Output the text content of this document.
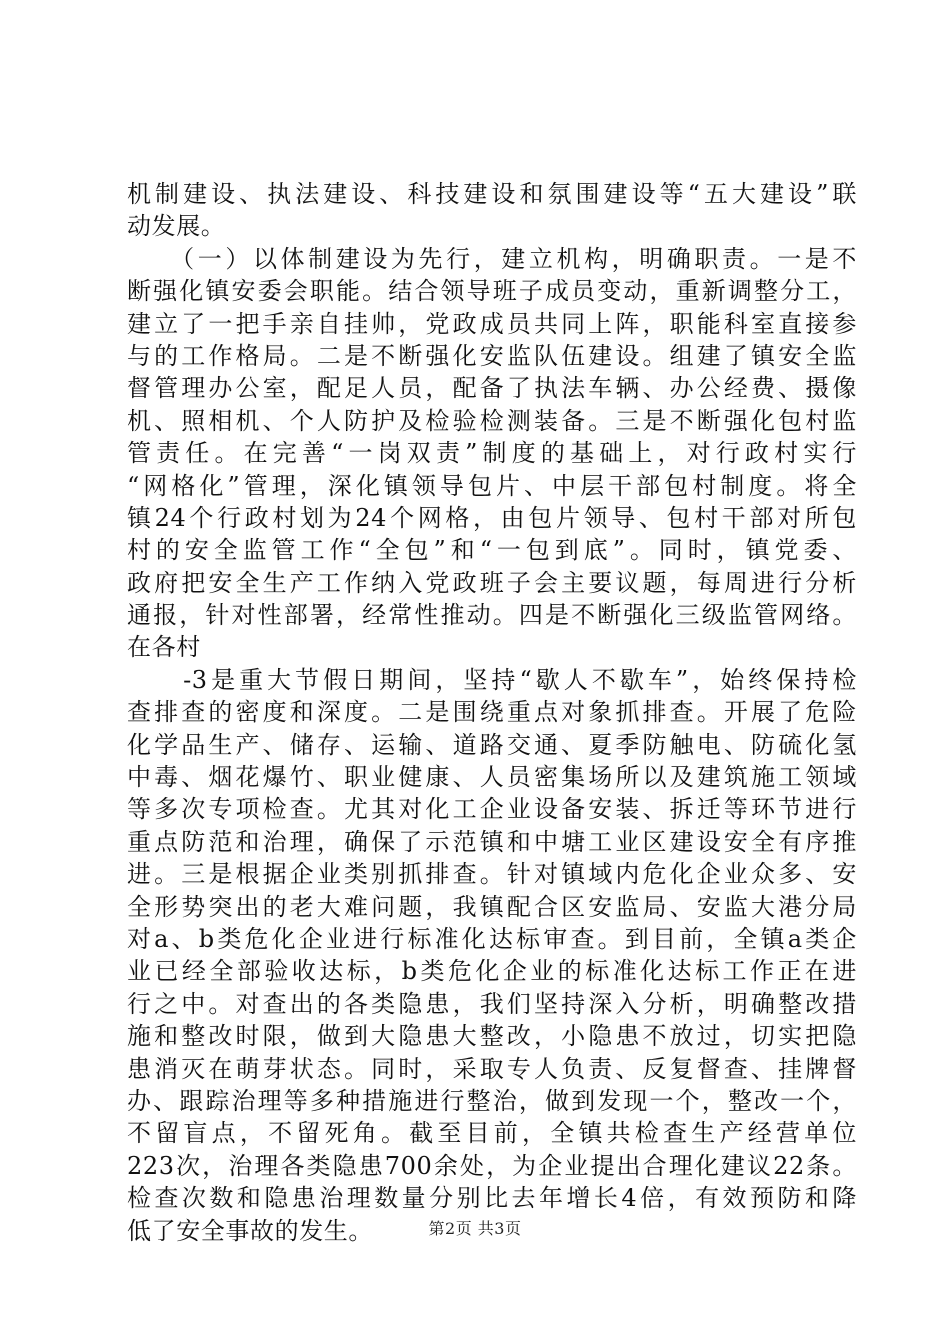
机制建设、执法建设、科技建设和氛围建设等“五大建设”联
动发展。
　　（一）以体制建设为先行，建立机构，明确职责。一是不
断强化镇安委会职能。结合领导班子成员变动，重新调整分工，
建立了一把手亲自挂帅，党政成员共同上阵，职能科室直接参
与的工作格局。二是不断强化安监队伍建设。组建了镇安全监
督管理办公室，配足人员，配备了执法车辆、办公经费、摄像
机、照相机、个人防护及检验检测装备。三是不断强化包村监
管责任。在完善“一岗双责”制度的基础上，对行政村实行
“网格化”管理，深化镇领导包片、中层干部包村制度。将全
镇24个行政村划为24个网格，由包片领导、包村干部对所包
村的安全监管工作“全包”和“一包到底”。同时，镇党委、
政府把安全生产工作纳入党政班子会主要议题，每周进行分析
通报，针对性部署，经常性推动。四是不断强化三级监管网络。
在各村
　　-3是重大节假日期间，坚持“歇人不歇车”，始终保持检
查排查的密度和深度。二是围绕重点对象抓排查。开展了危险
化学品生产、储存、运输、道路交通、夏季防触电、防硫化氢
中毒、烟花爆竹、职业健康、人员密集场所以及建筑施工领域
等多次专项检查。尤其对化工企业设备安装、拆迁等环节进行
重点防范和治理，确保了示范镇和中塘工业区建设安全有序推
进。三是根据企业类别抓排查。针对镇域内危化企业众多、安
全形势突出的老大难问题，我镇配合区安监局、安监大港分局
对a、b类危化企业进行标准化达标审查。到目前，全镇a类企
业已经全部验收达标，b类危化企业的标准化达标工作正在进
行之中。对查出的各类隐患，我们坚持深入分析，明确整改措
施和整改时限，做到大隐患大整改，小隐患不放过，切实把隐
患消灭在萌芽状态。同时，采取专人负责、反复督查、挂牌督
办、跟踪治理等多种措施进行整治，做到发现一个，整改一个，
不留盲点，不留死角。截至目前，全镇共检查生产经营单位
223次，治理各类隐患700余处，为企业提出合理化建议22条。
检查次数和隐患治理数量分别比去年增长4倍，有效预防和降
低了安全事故的发生。	第2页 共3页
